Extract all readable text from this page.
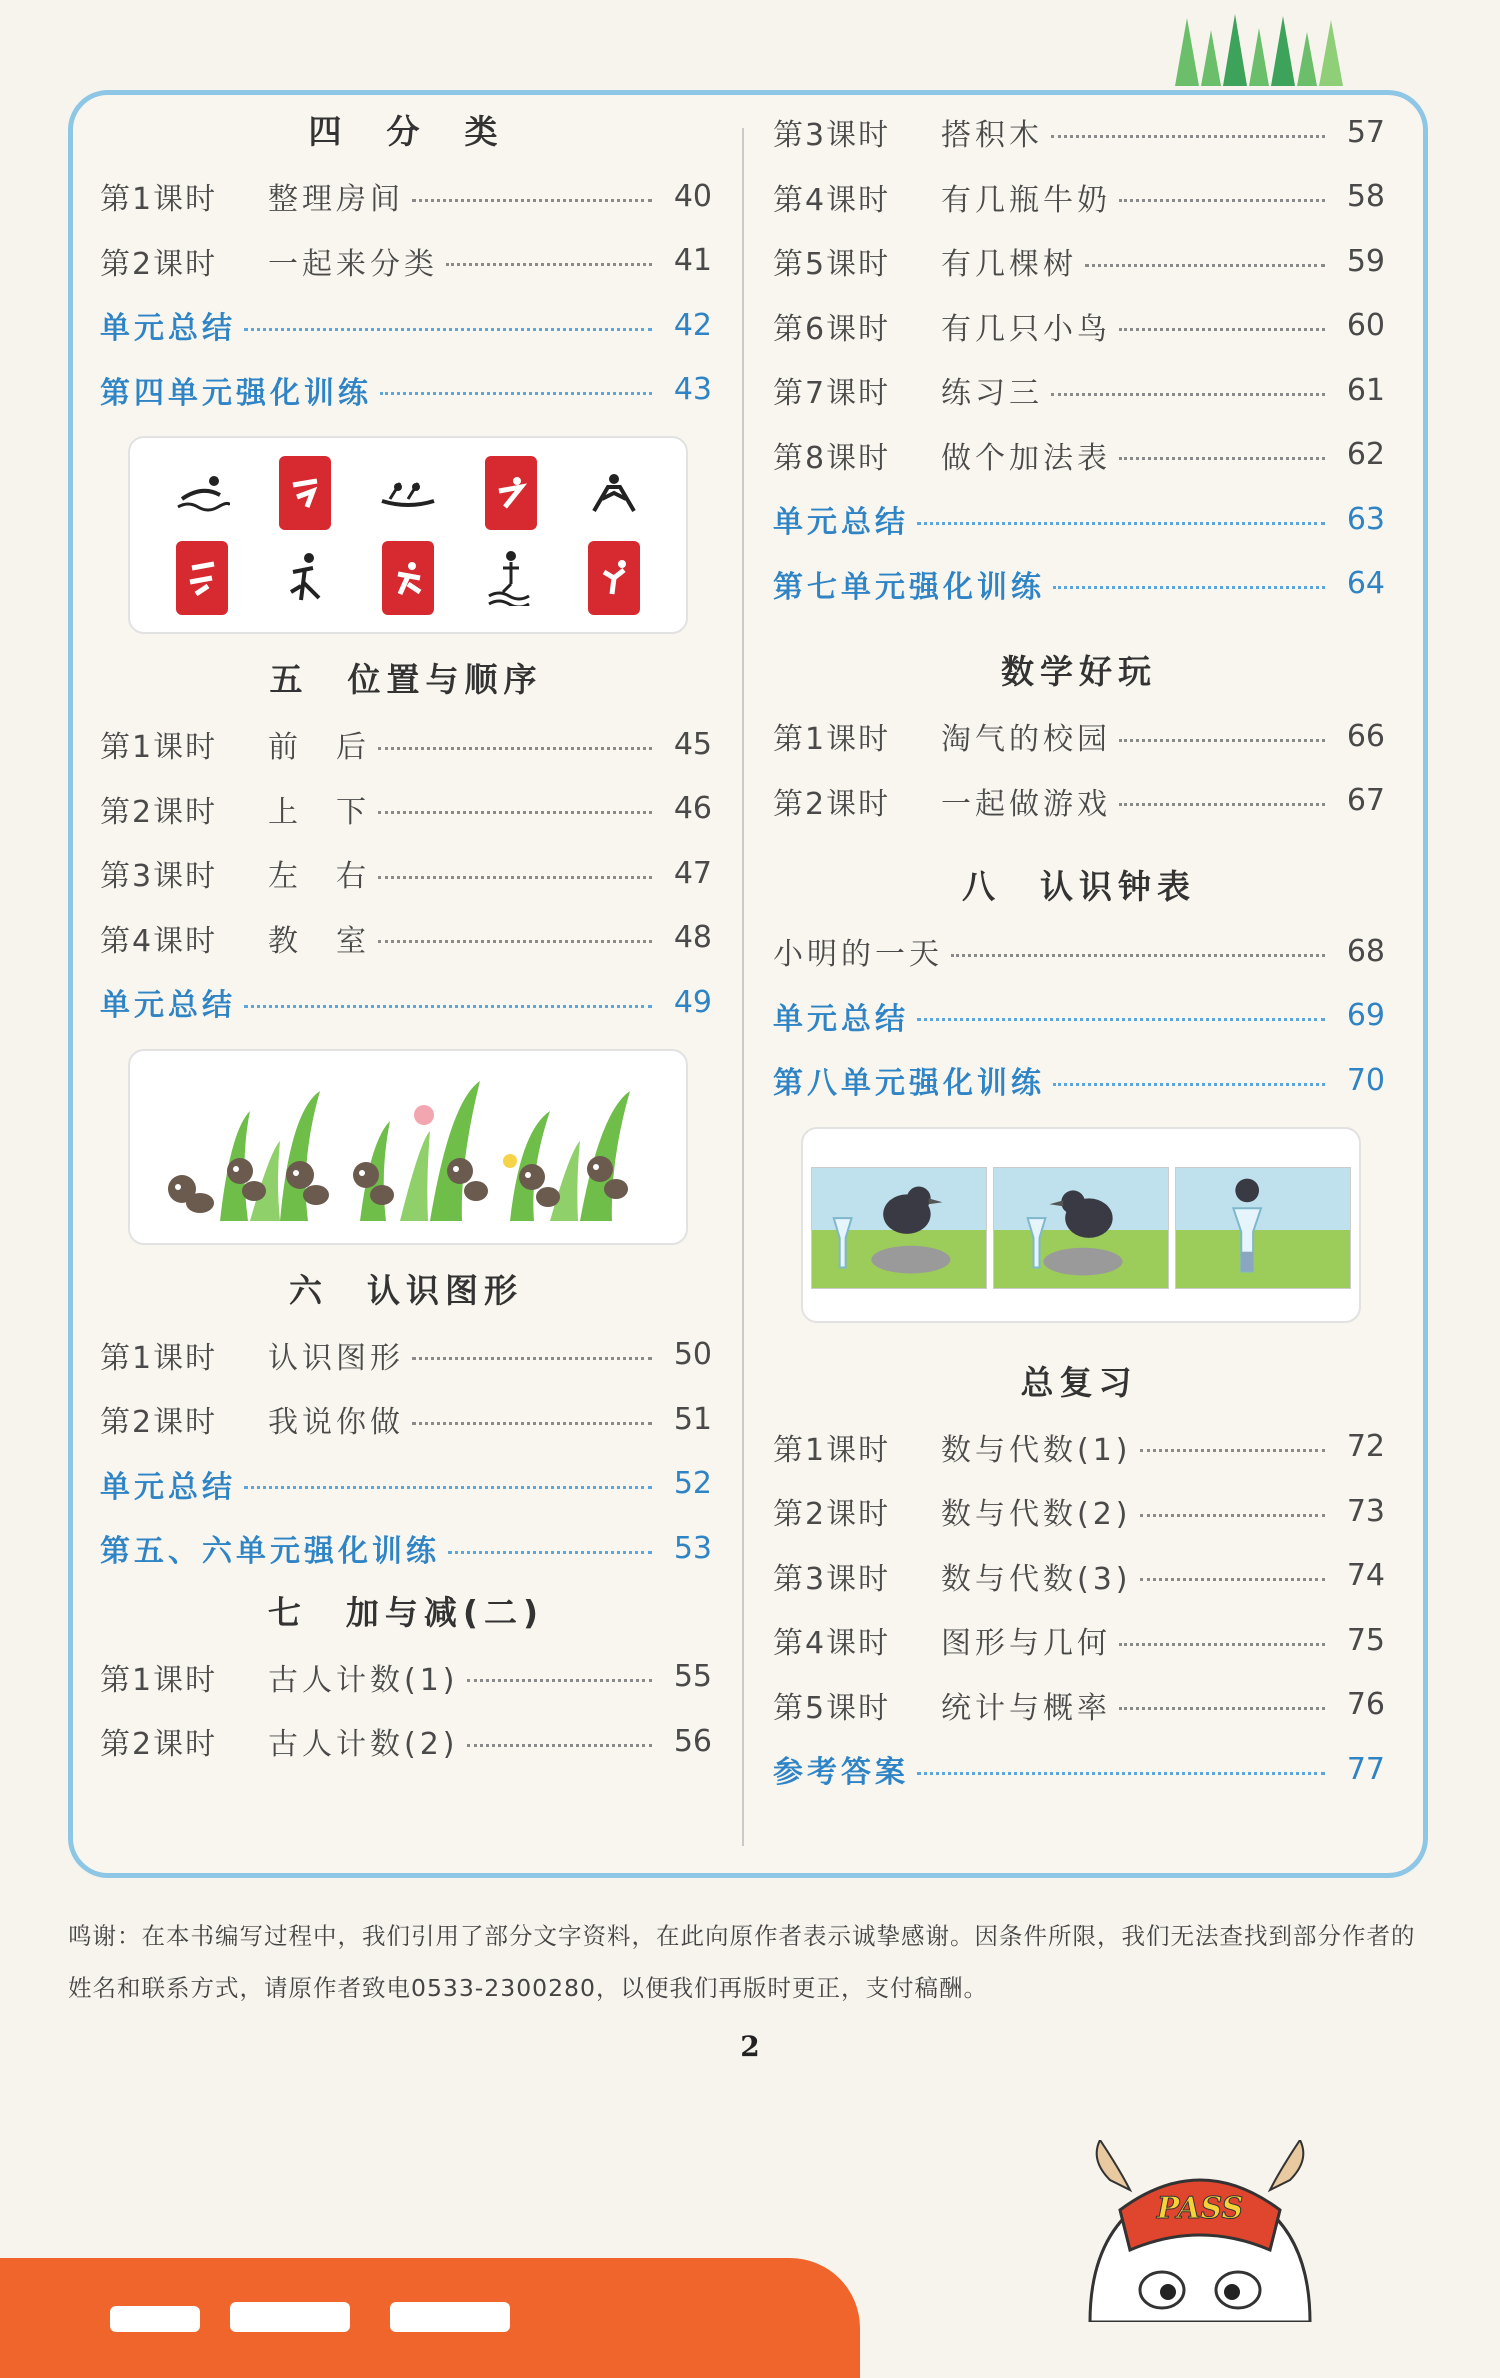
四　分　类
第1课时	整理房间	40
第2课时	一起来分类	41
单元总结	42
第四单元强化训练	43
五　位置与顺序
第1课时	前　后	45
第2课时	上　下	46
第3课时	左　右	47
第4课时	教　室	48
单元总结	49
六　认识图形
第1课时	认识图形	50
第2课时	我说你做	51
单元总结	52
第五、六单元强化训练	53
七　加与减(二)
第1课时	古人计数(1)	55
第2课时	古人计数(2)	56
第3课时	搭积木	57
第4课时	有几瓶牛奶	58
第5课时	有几棵树	59
第6课时	有几只小鸟	60
第7课时	练习三	61
第8课时	做个加法表	62
单元总结	63
第七单元强化训练	64
数学好玩
第1课时	淘气的校园	66
第2课时	一起做游戏	67
八　认识钟表
小明的一天	68
单元总结	69
第八单元强化训练	70
总复习
第1课时	数与代数(1)	72
第2课时	数与代数(2)	73
第3课时	数与代数(3)	74
第4课时	图形与几何	75
第5课时	统计与概率	76
参考答案	77
鸣谢：在本书编写过程中，我们引用了部分文字资料，在此向原作者表示诚挚感谢。因条件所限，我们无法查找到部分作者的姓名和联系方式，请原作者致电0533-2300280，以便我们再版时更正，支付稿酬。
2
PASS
